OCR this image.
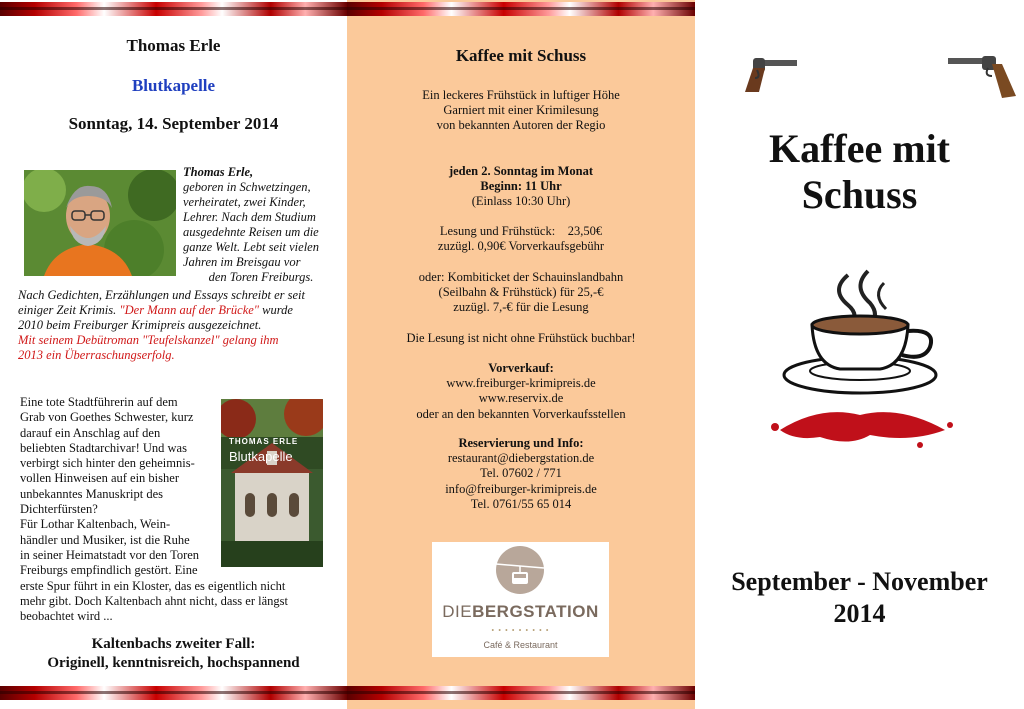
Thomas Erle
Blutkapelle
Sonntag, 14. September 2014
Thomas Erle,
geboren in Schwetzingen,
verheiratet, zwei Kinder,
Lehrer. Nach dem Studium
ausgedehnte Reisen um die
ganze Welt. Lebt seit vielen
Jahren im Breisgau vor
den Toren Freiburgs.
Nach Gedichten, Erzählungen und Essays schreibt er seit
einiger Zeit Krimis. "Der Mann auf der Brücke" wurde
2010 beim Freiburger Krimipreis ausgezeichnet.
Mit seinem Debütroman "Teufelskanzel" gelang ihm
2013 ein Überraschungserfolg.
Eine tote Stadtführerin auf dem
Grab von Goethes Schwester, kurz
darauf ein Anschlag auf den
beliebten Stadtarchivar! Und was
verbirgt sich hinter den geheimnis-
vollen Hinweisen auf ein bisher
unbekanntes Manuskript des
Dichterfürsten?
Für Lothar Kaltenbach, Wein-
händler und Musiker, ist die Ruhe
in seiner Heimatstadt vor den Toren
Freiburgs empfindlich gestört. Eine
erste Spur führt in ein Kloster, das es eigentlich nicht
mehr gibt. Doch Kaltenbach ahnt nicht, dass er längst
beobachtet wird ...
THOMAS ERLE
Blutkapelle
Kaltenbachs zweiter Fall:
Originell, kenntnisreich, hochspannend
Kaffee mit Schuss
Ein leckeres Frühstück in luftiger Höhe
Garniert mit einer Krimilesung
von bekannten Autoren der Regio
jeden 2. Sonntag im Monat
Beginn: 11 Uhr
(Einlass 10:30 Uhr)
Lesung und Frühstück:    23,50€
zuzügl. 0,90€ Vorverkaufsgebühr
oder: Kombiticket der Schauinslandbahn
(Seilbahn & Frühstück) für 25,-€
zuzügl. 7,-€ für die Lesung
Die Lesung ist nicht ohne Frühstück buchbar!
Vorverkauf:
www.freiburger-krimipreis.de
www.reservix.de
oder an den bekannten Vorverkaufsstellen
Reservierung und Info:
restaurant@diebergstation.de
Tel. 07602 / 771
info@freiburger-krimipreis.de
Tel. 0761/55 65 014
DIEBERGSTATION
• • • • • • • • •
Café & Restaurant
Kaffee mit
Schuss
September - November
2014
